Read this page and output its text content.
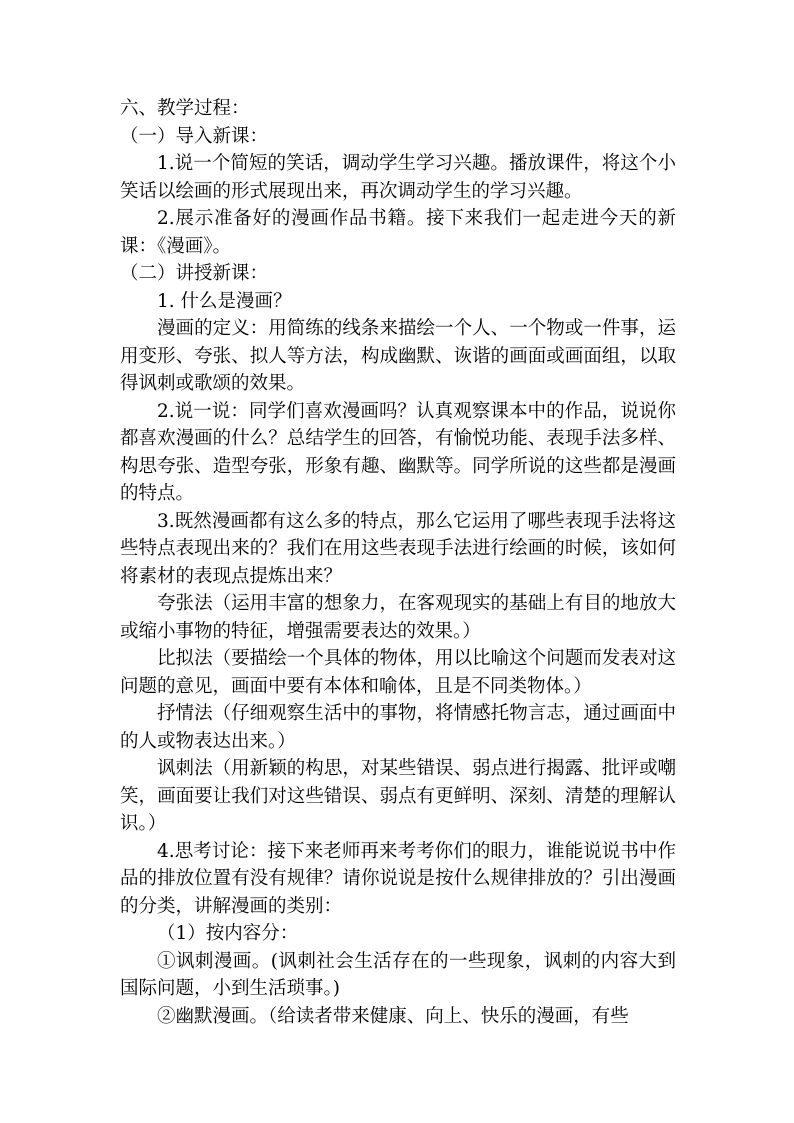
六、教学过程：

（一）导入新课：

1.说一个简短的笑话，调动学生学习兴趣。播放课件，将这个小笑话以绘画的形式展现出来，再次调动学生的学习兴趣。

2.展示准备好的漫画作品书籍。接下来我们一起走进今天的新课：《漫画》。

（二）讲授新课：

1. 什么是漫画？

漫画的定义：用简练的线条来描绘一个人、一个物或一件事，运用变形、夸张、拟人等方法，构成幽默、诙谐的画面或画面组，以取得讽刺或歌颂的效果。

2.说一说：同学们喜欢漫画吗？认真观察课本中的作品，说说你都喜欢漫画的什么？总结学生的回答，有愉悦功能、表现手法多样、构思夸张、造型夸张，形象有趣、幽默等。同学所说的这些都是漫画的特点。

3.既然漫画都有这么多的特点，那么它运用了哪些表现手法将这些特点表现出来的？我们在用这些表现手法进行绘画的时候，该如何将素材的表现点提炼出来？

夸张法（运用丰富的想象力，在客观现实的基础上有目的地放大或缩小事物的特征，增强需要表达的效果。）

比拟法（要描绘一个具体的物体，用以比喻这个问题而发表对这问题的意见，画面中要有本体和喻体，且是不同类物体。）

抒情法（仔细观察生活中的事物，将情感托物言志，通过画面中的人或物表达出来。）

讽刺法（用新颖的构思，对某些错误、弱点进行揭露、批评或嘲笑，画面要让我们对这些错误、弱点有更鲜明、深刻、清楚的理解认识。）

4.思考讨论：接下来老师再来考考你们的眼力，谁能说说书中作品的排放位置有没有规律？请你说说是按什么规律排放的？引出漫画的分类，讲解漫画的类别：

（1）按内容分：

①讽刺漫画。(讽刺社会生活存在的一些现象，讽刺的内容大到国际问题，小到生活琐事。)

②幽默漫画。（给读者带来健康、向上、快乐的漫画，有些
